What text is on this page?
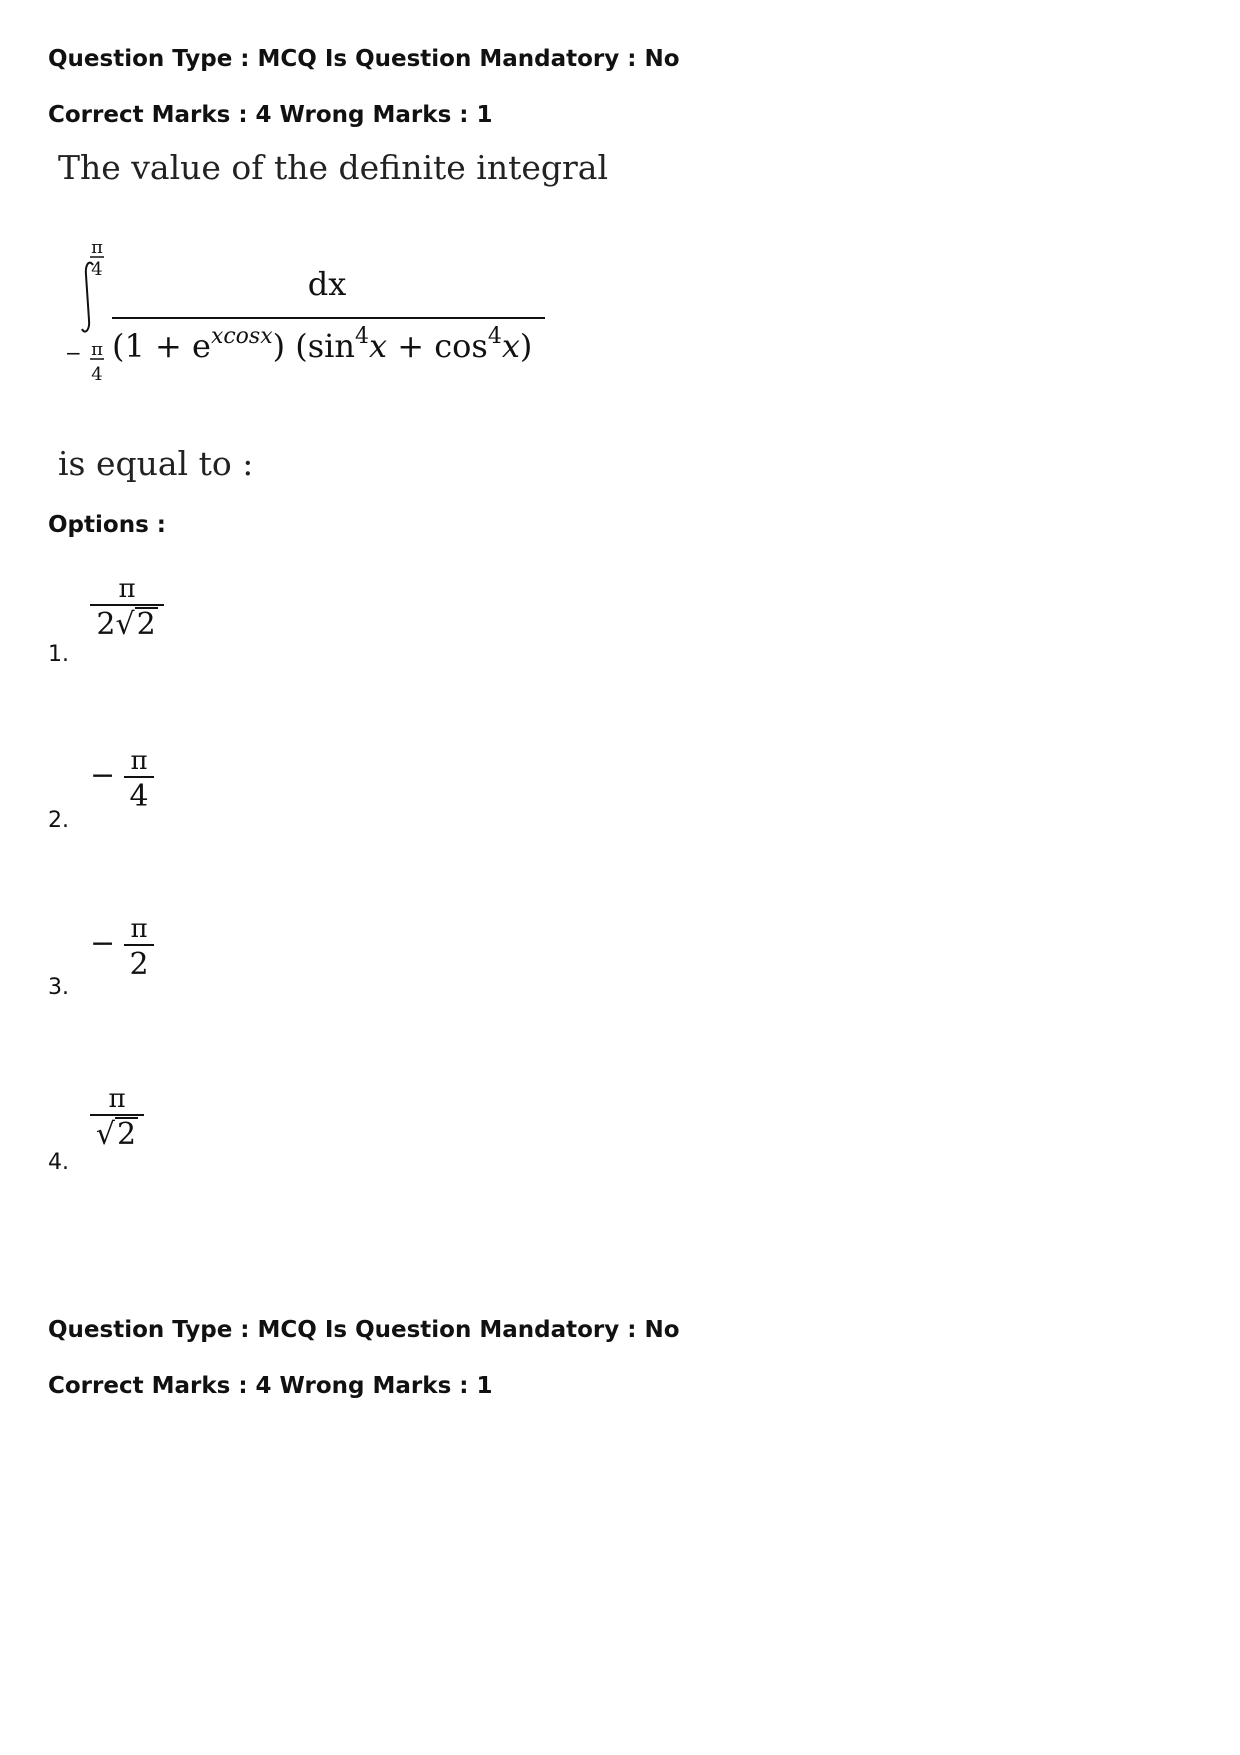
Question Type : MCQ Is Question Mandatory : No
Correct Marks : 4 Wrong Marks : 1
The value of the definite integral
π
4
− π
4
dx
$(1 + e^{xcosx})$ $(\sin^4x + \cos^4x)$
is equal to :
Options :
1.
π
2√2
2.
− π
4
3.
− π
2
4.
π
√2
Question Type : MCQ Is Question Mandatory : No
Correct Marks : 4 Wrong Marks : 1
